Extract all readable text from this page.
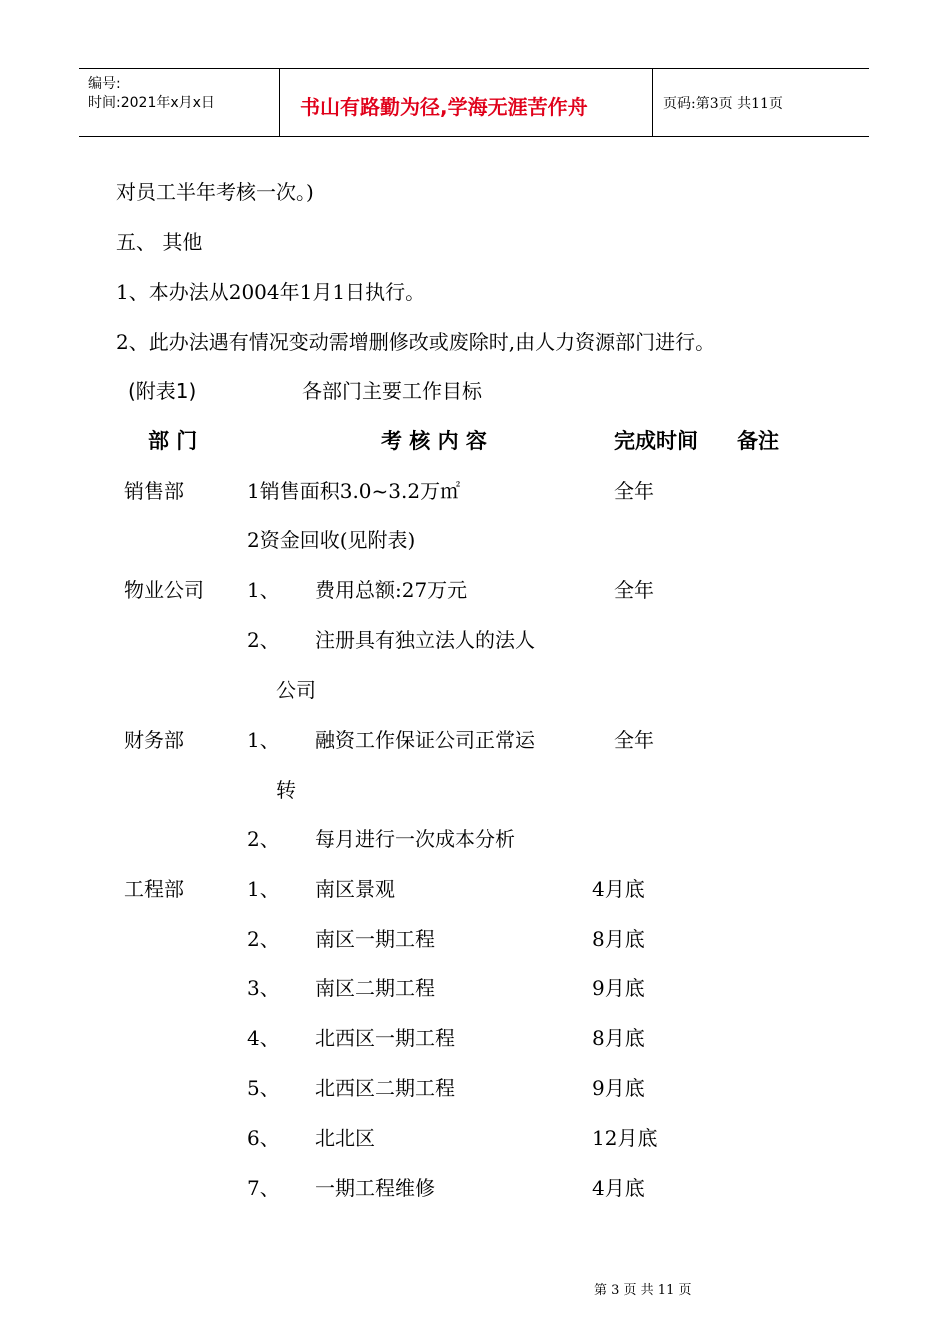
编号:
时间:2021年x月x日	书山有路勤为径,学海无涯苦作舟	页码:第3页 共11页
对员工半年考核一次。)
五、 其他
1、本办法从2004年1月1日执行。
2、此办法遇有情况变动需增删修改或废除时,由人力资源部门进行。
(附表1)	各部门主要工作目标
部 门	考 核 内 容	完成时间 备注
销售部	1销售面积3.0~3.2万㎡	全年
2资金回收(见附表)
物业公司 1、 费用总额:27万元	全年
2、 注册具有独立法人的法人
公司
财务部	1、 融资工作保证公司正常运	全年
转
2、 每月进行一次成本分析
工程部	1、 南区景观	4月底
2、 南区一期工程	8月底
3、 南区二期工程	9月底
4、 北西区一期工程	8月底
5、 北西区二期工程	9月底
6、 北北区	12月底
7、 一期工程维修	4月底
第 3 页 共 11 页
